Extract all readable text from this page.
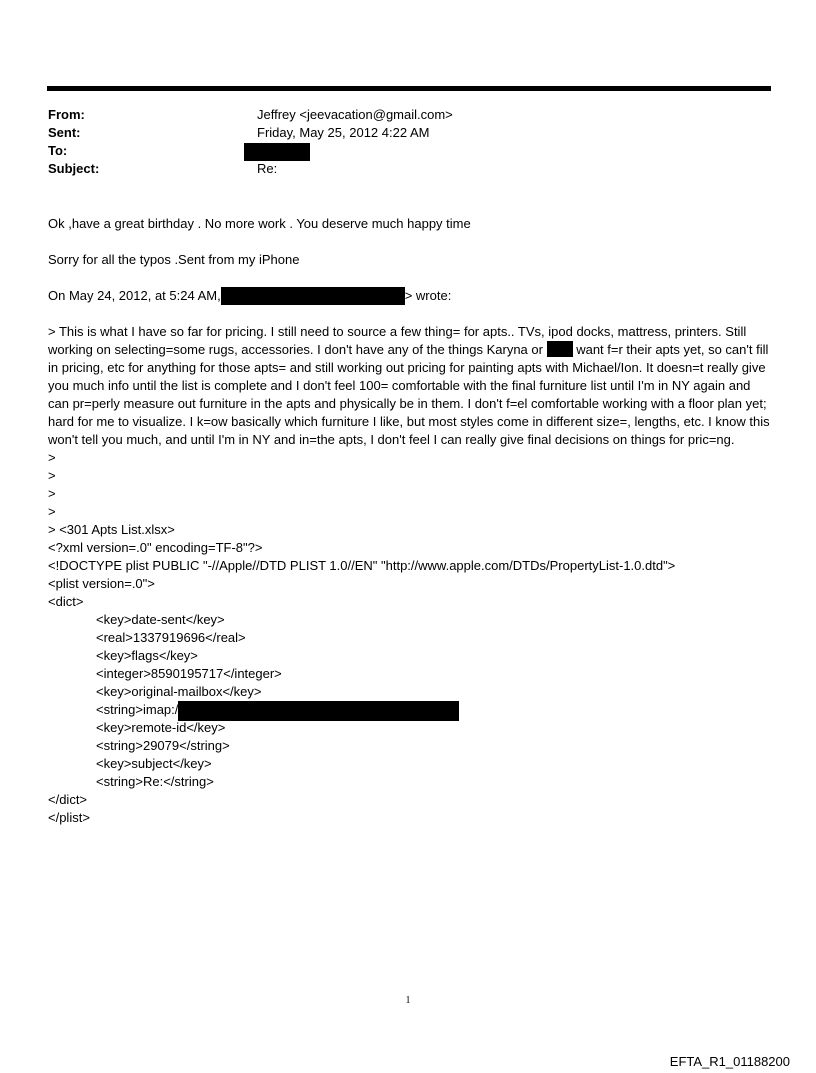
From:	Jeffrey <jeevacation@gmail.com>
Sent:	Friday, May 25, 2012 4:22 AM
To:
Subject:	Re:
Ok ,have a great birthday . No more work . You deserve much happy time
Sorry for all the typos .Sent from my iPhone
On May 24, 2012, at 5:24 AM,	> wrote:
> This is what I have so far for pricing. I still need to source a few thing= for apts.. TVs, ipod docks, mattress, printers. Still working on selecting=some rugs, accessories. I don't have any of the things Karyna or	want f=r their apts yet, so can't fill in pricing, etc for anything for those apts= and still working out pricing for painting apts with Michael/Ion. It doesn=t really give you much info until the list is complete and I don't feel 100= comfortable with the final furniture list until I'm in NY again and can pr=perly measure out furniture in the apts and physically be in them. I don't f=el comfortable working with a floor plan yet; hard for me to visualize. I k=ow basically which furniture I like, but most styles come in different size=, lengths, etc. I know this won't tell you much, and until I'm in NY and in=the apts, I don't feel I can really give final decisions on things for pric=ng.
>
>
>
>
> <301 Apts List.xlsx>
<?xml version=.0" encoding=TF-8"?>
<!DOCTYPE plist PUBLIC "-//Apple//DTD PLIST 1.0//EN" "http://www.apple.com/DTDs/PropertyList-1.0.dtd">
<plist version=.0">
<dict>
<key>date-sent</key>
<real>1337919696</real>
<key>flags</key>
<integer>8590195717</integer>
<key>original-mailbox</key>
<string>imap:/
<key>remote-id</key>
<string>29079</string>
<key>subject</key>
<string>Re:</string>
</dict>
</plist>
1
EFTA_R1_01188200
